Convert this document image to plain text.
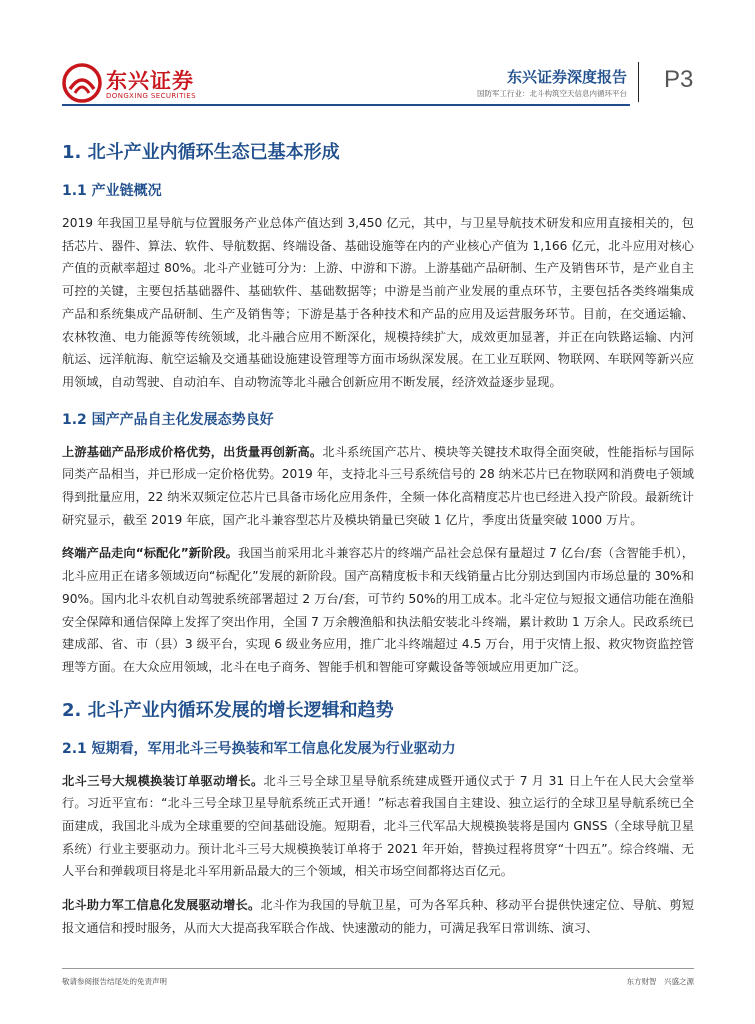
东兴证券
DONGXING SECURITIES
东兴证券深度报告
国防军工行业：北斗构筑空天信息内循环平台
P3
1. 北斗产业内循环生态已基本形成
1.1 产业链概况
2019 年我国卫星导航与位置服务产业总体产值达到 3,450 亿元，其中，与卫星导航技术研发和应用直接相关的，包括芯片、器件、算法、软件、导航数据、终端设备、基础设施等在内的产业核心产值为 1,166 亿元，北斗应用对核心产值的贡献率超过 80%。北斗产业链可分为：上游、中游和下游。上游基础产品研制、生产及销售环节，是产业自主可控的关键，主要包括基础器件、基础软件、基础数据等；中游是当前产业发展的重点环节，主要包括各类终端集成产品和系统集成产品研制、生产及销售等；下游是基于各种技术和产品的应用及运营服务环节。目前，在交通运输、农林牧渔、电力能源等传统领域，北斗融合应用不断深化，规模持续扩大，成效更加显著，并正在向铁路运输、内河航运、远洋航海、航空运输及交通基础设施建设管理等方面市场纵深发展。在工业互联网、物联网、车联网等新兴应用领域，自动驾驶、自动泊车、自动物流等北斗融合创新应用不断发展，经济效益逐步显现。
1.2 国产产品自主化发展态势良好
上游基础产品形成价格优势，出货量再创新高。北斗系统国产芯片、模块等关键技术取得全面突破，性能指标与国际同类产品相当，并已形成一定价格优势。2019 年，支持北斗三号系统信号的 28 纳米芯片已在物联网和消费电子领域得到批量应用，22 纳米双频定位芯片已具备市场化应用条件，全频一体化高精度芯片也已经进入投产阶段。最新统计研究显示，截至 2019 年底，国产北斗兼容型芯片及模块销量已突破 1 亿片，季度出货量突破 1000 万片。
终端产品走向“标配化”新阶段。我国当前采用北斗兼容芯片的终端产品社会总保有量超过 7 亿台/套（含智能手机），北斗应用正在诸多领域迈向“标配化”发展的新阶段。国产高精度板卡和天线销量占比分别达到国内市场总量的 30%和 90%。国内北斗农机自动驾驶系统部署超过 2 万台/套，可节约 50%的用工成本。北斗定位与短报文通信功能在渔船安全保障和通信保障上发挥了突出作用，全国 7 万余艘渔船和执法船安装北斗终端，累计救助 1 万余人。民政系统已建成部、省、市（县）3 级平台，实现 6 级业务应用，推广北斗终端超过 4.5 万台，用于灾情上报、救灾物资监控管理等方面。在大众应用领域，北斗在电子商务、智能手机和智能可穿戴设备等领域应用更加广泛。
2. 北斗产业内循环发展的增长逻辑和趋势
2.1 短期看，军用北斗三号换装和军工信息化发展为行业驱动力
北斗三号大规模换装订单驱动增长。北斗三号全球卫星导航系统建成暨开通仪式于 7 月 31 日上午在人民大会堂举行。习近平宣布：“北斗三号全球卫星导航系统正式开通！”标志着我国自主建设、独立运行的全球卫星导航系统已全面建成，我国北斗成为全球重要的空间基础设施。短期看，北斗三代军品大规模换装将是国内 GNSS（全球导航卫星系统）行业主要驱动力。预计北斗三号大规模换装订单将于 2021 年开始，替换过程将贯穿“十四五”。综合终端、无人平台和弹载项目将是北斗军用新品最大的三个领域，相关市场空间都将达百亿元。
北斗助力军工信息化发展驱动增长。北斗作为我国的导航卫星，可为各军兵种、移动平台提供快速定位、导航、剪短报文通信和授时服务，从而大大提高我军联合作战、快速激动的能力，可满足我军日常训练、演习、
敬请参阅报告结尾处的免责声明	东方财智　兴盛之源
